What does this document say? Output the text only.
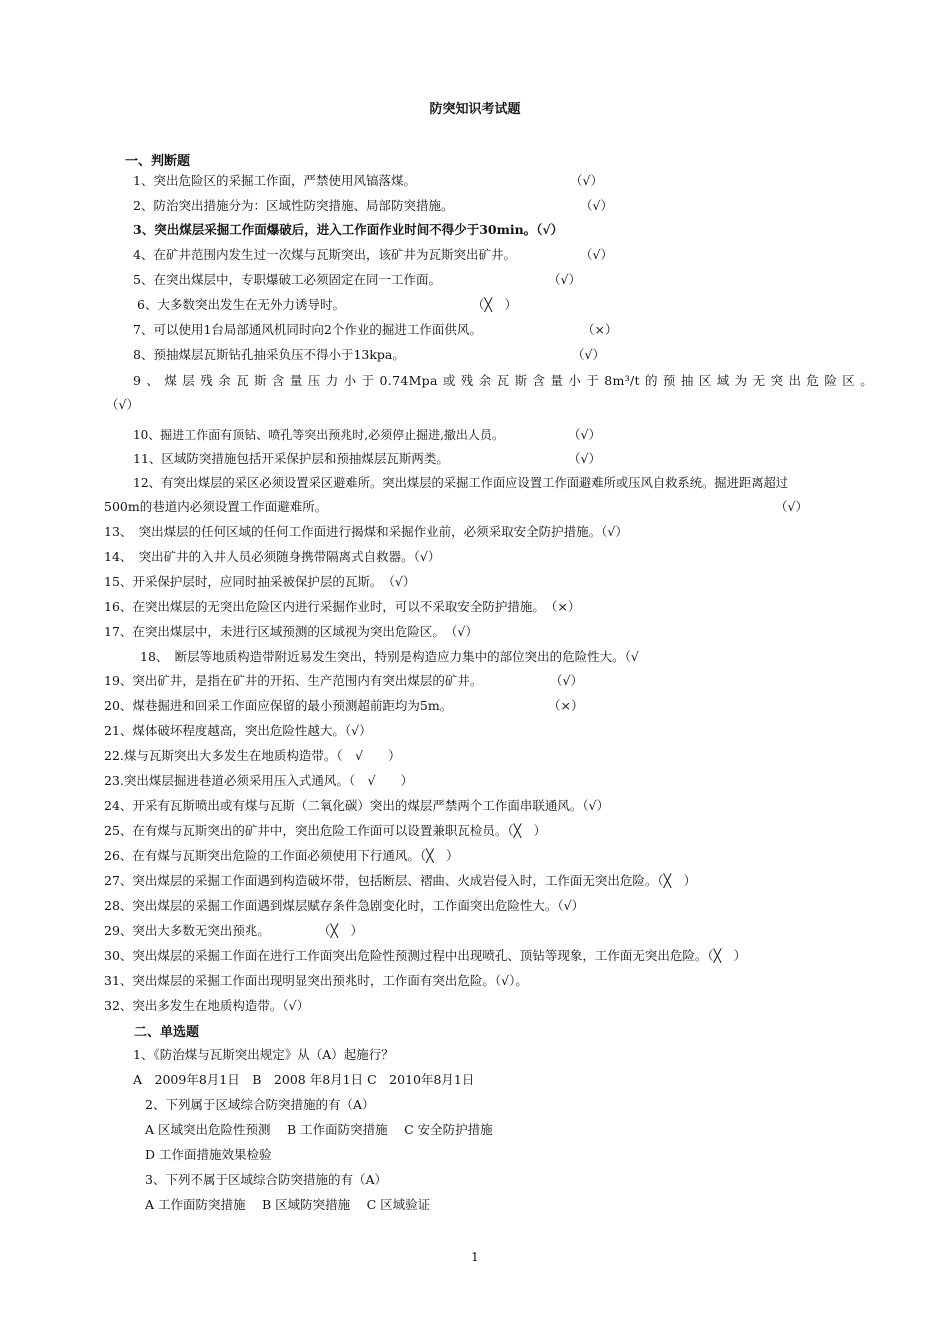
防突知识考试题
一、判断题
1、突出危险区的采掘工作面，严禁使用风镐落煤。	（√）
2、防治突出措施分为：区域性防突措施、局部防突措施。	（√）
3、突出煤层采掘工作面爆破后，进入工作面作业时间不得少于30min。（√）
4、在矿井范围内发生过一次煤与瓦斯突出，该矿井为瓦斯突出矿井。	（√）
5、在突出煤层中，专职爆破工必须固定在同一工作面。	（√）
6、大多数突出发生在无外力诱导时。	（╳　）
7、可以使用1台局部通风机同时向2个作业的掘进工作面供风。	（×）
8、预抽煤层瓦斯钻孔抽采负压不得小于13kpa。	（√）
9、煤层残余瓦斯含量压力小于0.74Mpa或残余瓦斯含量小于8m³/t的预抽区域为无突出危险区。
（√）
10、掘进工作面有顶钻、喷孔等突出预兆时,必须停止掘进,撤出人员。	（√）
11、区域防突措施包括开采保护层和预抽煤层瓦斯两类。	（√）
12、有突出煤层的采区必须设置采区避难所。突出煤层的采掘工作面应设置工作面避难所或压风自救系统。掘进距离超过
500m的巷道内必须设置工作面避难所。	（√）
13、　突出煤层的任何区域的任何工作面进行揭煤和采掘作业前，必须采取安全防护措施。（√）
14、　突出矿井的入井人员必须随身携带隔离式自救器。（√）
15、开采保护层时，应同时抽采被保护层的瓦斯。　（√）
16、在突出煤层的无突出危险区内进行采掘作业时，可以不采取安全防护措施。　（×）
17、在突出煤层中，未进行区域预测的区域视为突出危险区。　（√）
18、　断层等地质构造带附近易发生突出，特别是构造应力集中的部位突出的危险性大。（√
19、突出矿井，是指在矿井的开拓、生产范围内有突出煤层的矿井。	（√）
20、煤巷掘进和回采工作面应保留的最小预测超前距均为5m。	（×）
21、煤体破坏程度越高，突出危险性越大。（√）
22.煤与瓦斯突出大多发生在地质构造带。（　√　　）
23.突出煤层掘进巷道必须采用压入式通风。（　√　　）
24、开采有瓦斯喷出或有煤与瓦斯（二氧化碳）突出的煤层严禁两个工作面串联通风。（√）
25、在有煤与瓦斯突出的矿井中，突出危险工作面可以设置兼职瓦检员。（╳　）
26、在有煤与瓦斯突出危险的工作面必须使用下行通风。（╳　）
27、突出煤层的采掘工作面遇到构造破坏带，包括断层、褶曲、火成岩侵入时，工作面无突出危险。（╳　）
28、突出煤层的采掘工作面遇到煤层赋存条件急剧变化时，工作面突出危险性大。（√）
29、突出大多数无突出预兆。	（╳　）
30、突出煤层的采掘工作面在进行工作面突出危险性预测过程中出现喷孔、顶钻等现象，工作面无突出危险。（╳　）
31、突出煤层的采掘工作面出现明显突出预兆时，工作面有突出危险。（√）。
32、突出多发生在地质构造带。（√）
二、单选题
1、《防治煤与瓦斯突出规定》从（A）起施行？
A　2009年8月1日　B　2008 年8月1日 C　2010年8月1日
2、下列属于区域综合防突措施的有（A）
A 区域突出危险性预测　 B 工作面防突措施　 C 安全防护措施
D 工作面措施效果检验
3、下列不属于区域综合防突措施的有（A）
A 工作面防突措施　 B 区域防突措施　 C 区域验证
1
